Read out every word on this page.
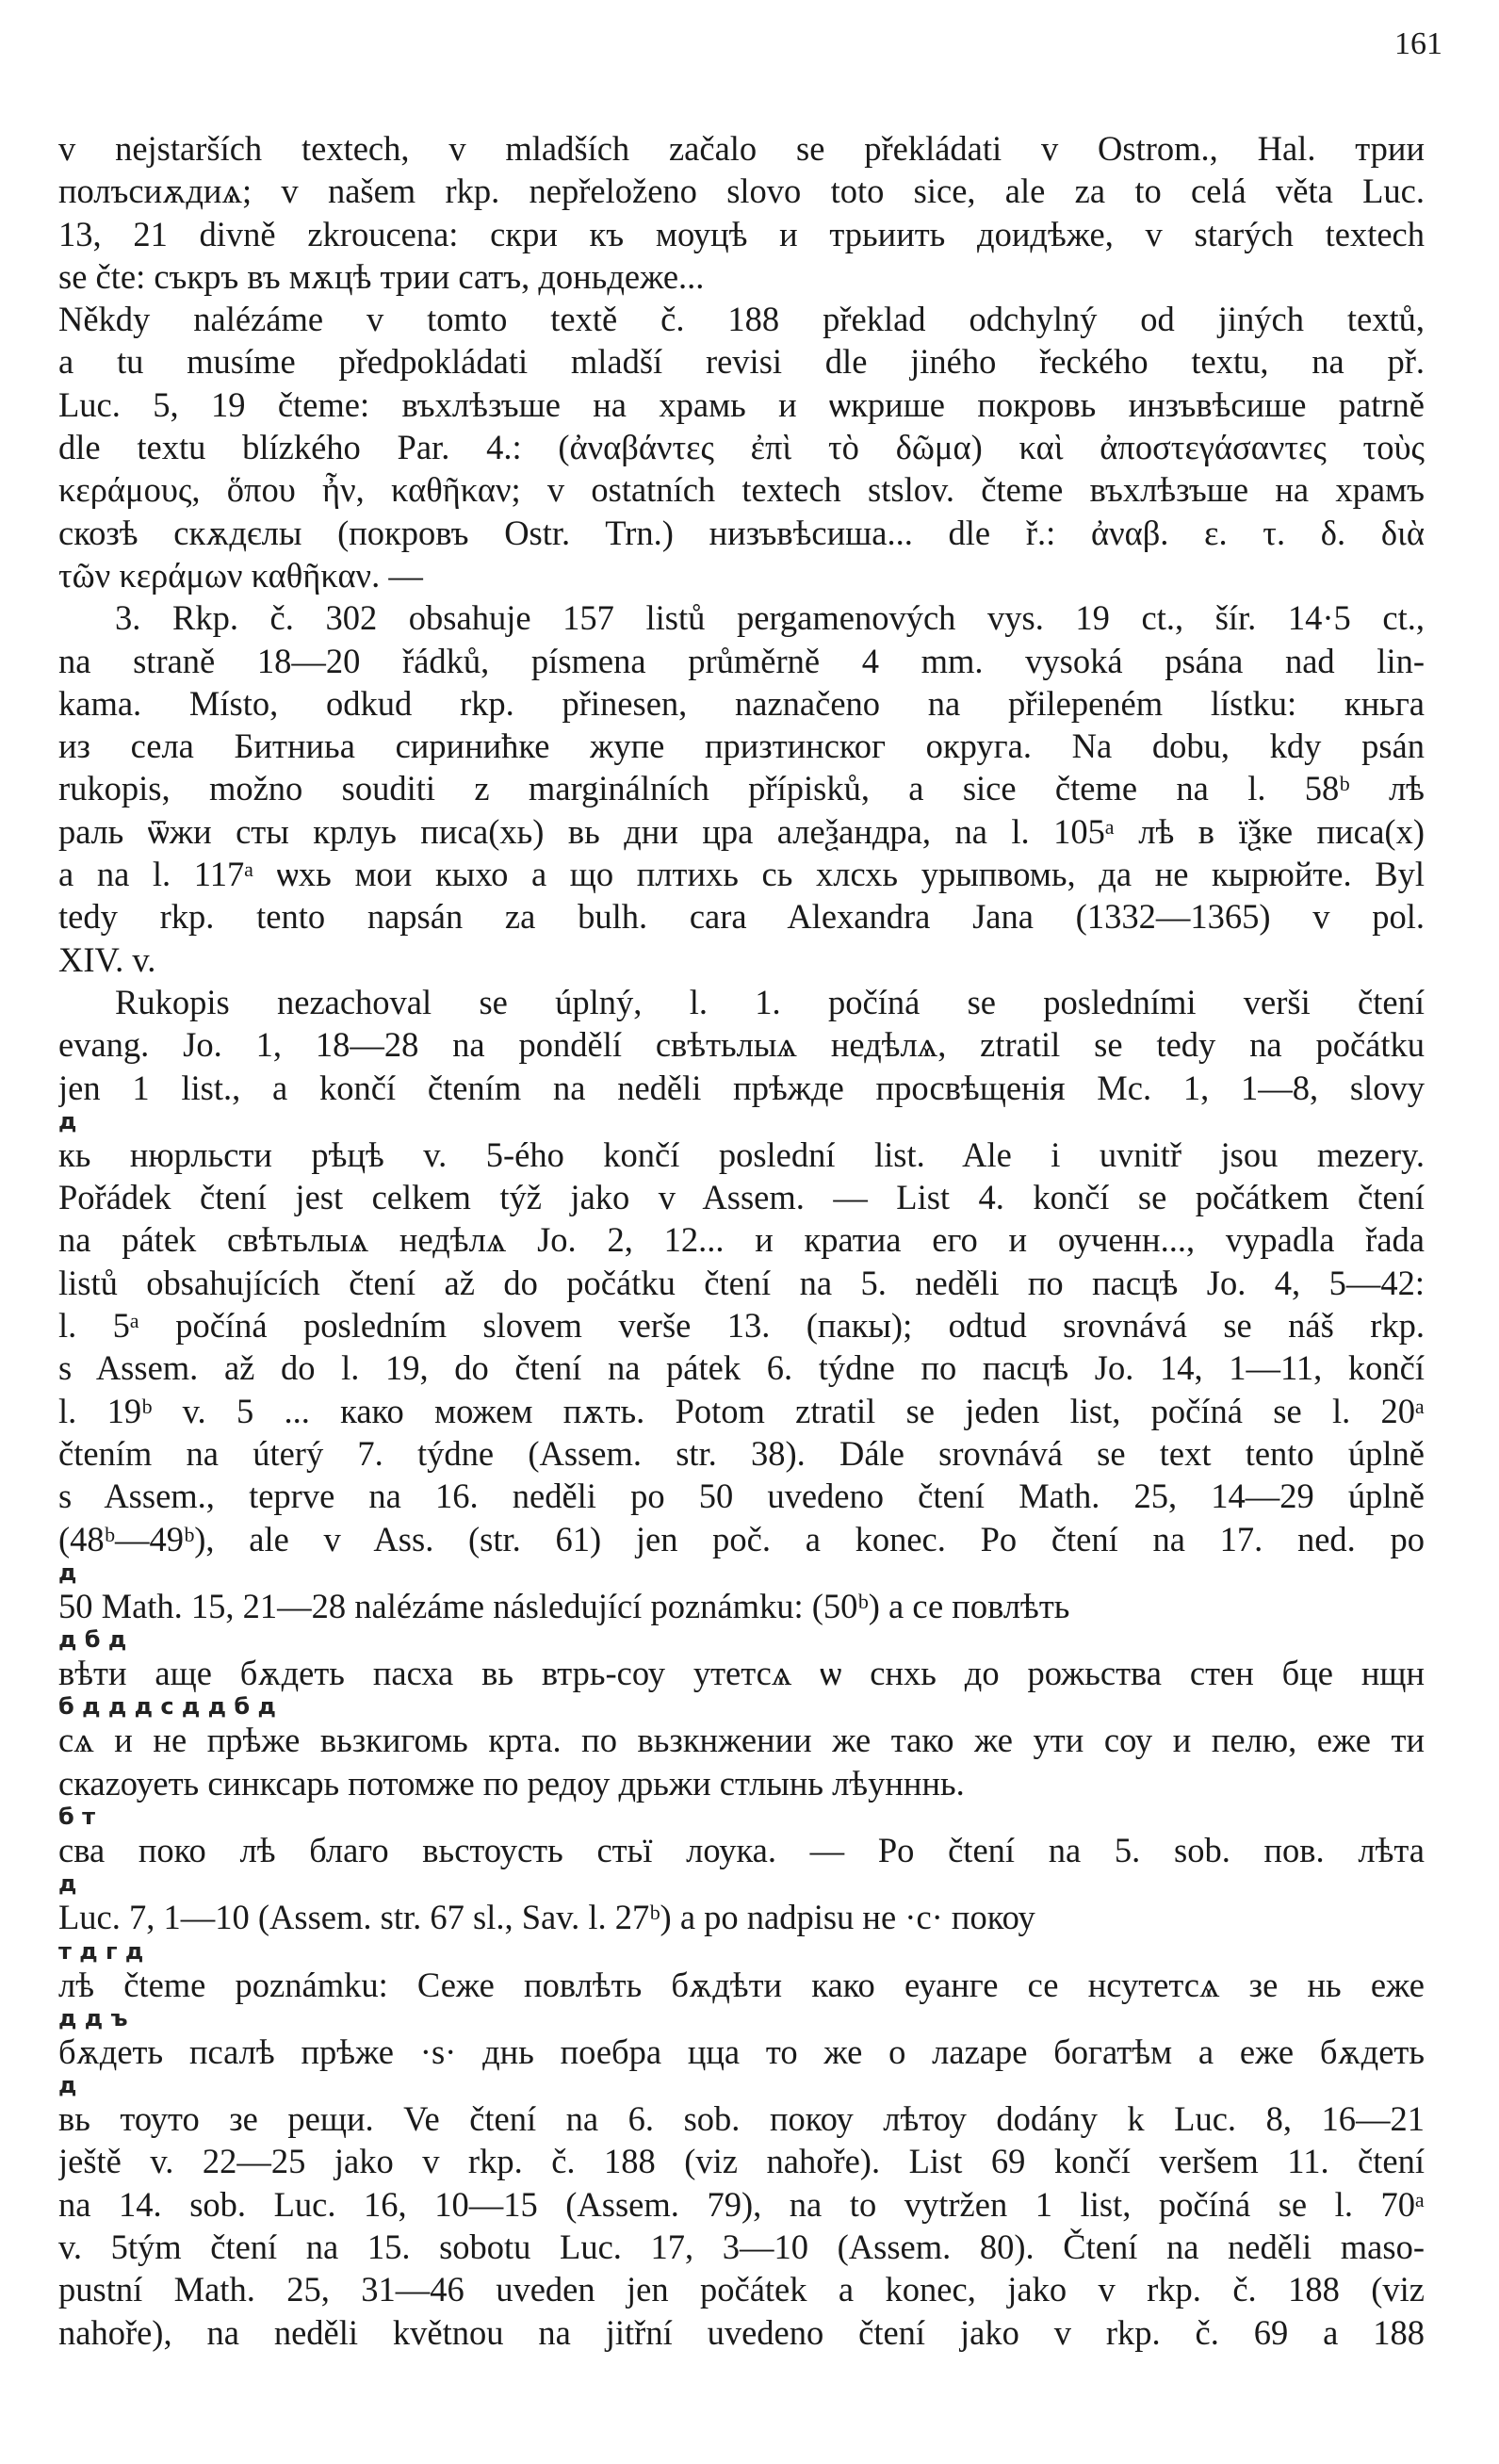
161
v nejstarších textech, v mladších začalo se překládati v Ostrom., Hal. трии
полъсиѫдиѧ; v našem rkp. nepřeloženo slovo toto sice, ale za to celá věta Luc.
13, 21 divně zkroucena: скри къ моуцѣ и трьиить доидѣже, v starých textech
se čte: съкръ въ мѫцѣ трии сатъ, доньдеже...
Někdy nalézáme v tomto textě č. 188 překlad odchylný od jiných textů,
a tu musíme předpokládati mladší revisi dle jiného řeckého textu, na př.
Luc. 5, 19 čteme: въхлѣзъше на храмь и ѡкрише покровь инзъвѣсише patrně
dle textu blízkého Par. 4.: (ἀναβάντες ἐπὶ τὸ δῶμα) καὶ ἀποστεγάσαντες τοὺς
κεράμους, ὅπου ἦν, καθῆκαν; v ostatních textech stslov. čteme въхлѣзъше на храмъ
скозѣ скѫдєлы (покровъ Ostr. Trn.) низъвѣсиша... dle ř.: ἀναβ. ε. τ. δ. διὰ
τῶν κεράμων καθῆκαν. —
3. Rkp. č. 302 obsahuje 157 listů pergamenových vys. 19 ct., šír. 14·5 ct.,
na straně 18—20 řádků, písmena průměrně 4 mm. vysoká psána nad lin-
kama. Místo, odkud rkp. přinesen, naznačeno na přilepeném lístku: кньга
из села Битниьа сиринићке жупе призтинског округа. Na dobu, kdy psán
rukopis, možno souditi z marginálních přípisků, a sice čteme na l. 58ᵇ лѣ
рaль ѿжи сты крлуь писа(хь) вь дни цра алеѯандра, na l. 105ᵃ лѣ в їѯке писа(х)
a na l. 117ᵃ ѡхь мои кыхо а що плтихь сь хлсхь урыпвомь, да не кырюйте. Byl
tedy rkp. tento napsán za bulh. cara Alexandra Jana (1332—1365) v pol.
XIV. v.
Rukopis nezachoval se úplný, l. 1. počíná se posledními verši čtení
evang. Jo. 1, 18—28 na pondělí свѣтьлыѧ недѣлѧ, ztratil se tedy na počátku
jen 1 list., a končí čtením na neděli прѣжде просвѣщенія Mc. 1, 1—8, slovy
д
кь нюрльсти рѣцѣ v. 5-ého končí poslední list. Ale i uvnitř jsou mezery.
Pořádek čtení jest celkem týž jako v Assem. — List 4. končí se počátkem čtení
na pátek свѣтьлыѧ недѣлѧ Jo. 2, 12... и кратиа его и оученн..., vypadla řada
listů obsahujících čtení až do počátku čtení na 5. neděli по пасцѣ Jo. 4, 5—42:
l. 5ᵃ počíná posledním slovem verše 13. (пакы); odtud srovnává se náš rkp.
s Assem. až do l. 19, do čtení na pátek 6. týdne по пасцѣ Jo. 14, 1—11, končí
l. 19ᵇ v. 5 ... како можем пѫть. Potom ztratil se jeden list, počíná se l. 20ᵃ
čtením na úterý 7. týdne (Assem. str. 38). Dále srovnává se text tento úplně
s Assem., teprve na 16. neděli po 50 uvedeno čtení Math. 25, 14—29 úplně
(48ᵇ—49ᵇ), ale v Ass. (str. 61) jen poč. a konec. Po čtení na 17. ned. po
д
50 Math. 15, 21—28 nalézáme následující poznámku: (50ᵇ) а се повлѣть
д б д
вѣти аще бѫдеть пасха вь втрь-соу утетсѧ ѡ снхь до рожьства стен бце нщн
б д д д с д д б д
сѧ и не прѣже вьзкигомь крта. по вьзкнжении же тако же ути соу и пелю, еже ти
скаzоуеть синксарь потомже по редоу дрьжи стлынь лѣунннь.
б т
сва поко лѣ благо вьстоусть стьї лоука. — Po čtení na 5. sob. пов. лѣта
д
Luc. 7, 1—10 (Assem. str. 67 sl., Sav. l. 27ᵇ) a po nadpisu не ·с· покоу
т д г д
лѣ čteme poznámku: Сеже повлѣть бѫдѣти како еуанге се нсутетсѧ зе нь еже
д д ъ
бѫдеть псалѣ прѣже ·ѕ· днь поебра цца то же о лаzаре богатѣм а еже бѫдеть
д
вь тоуто зе рещи. Ve čtení na 6. sob. покоу лѣтоу dodány k Luc. 8, 16—21
ještě v. 22—25 jako v rkp. č. 188 (viz nahoře). List 69 končí veršem 11. čtení
na 14. sob. Luc. 16, 10—15 (Assem. 79), na to vytržen 1 list, počíná se l. 70ᵃ
v. 5tým čtení na 15. sobotu Luc. 17, 3—10 (Assem. 80). Čtení na neděli maso-
pustní Math. 25, 31—46 uveden jen počátek a konec, jako v rkp. č. 188 (viz
nahoře), na neděli květnou na jitřní uvedeno čtení jako v rkp. č. 69 a 188
